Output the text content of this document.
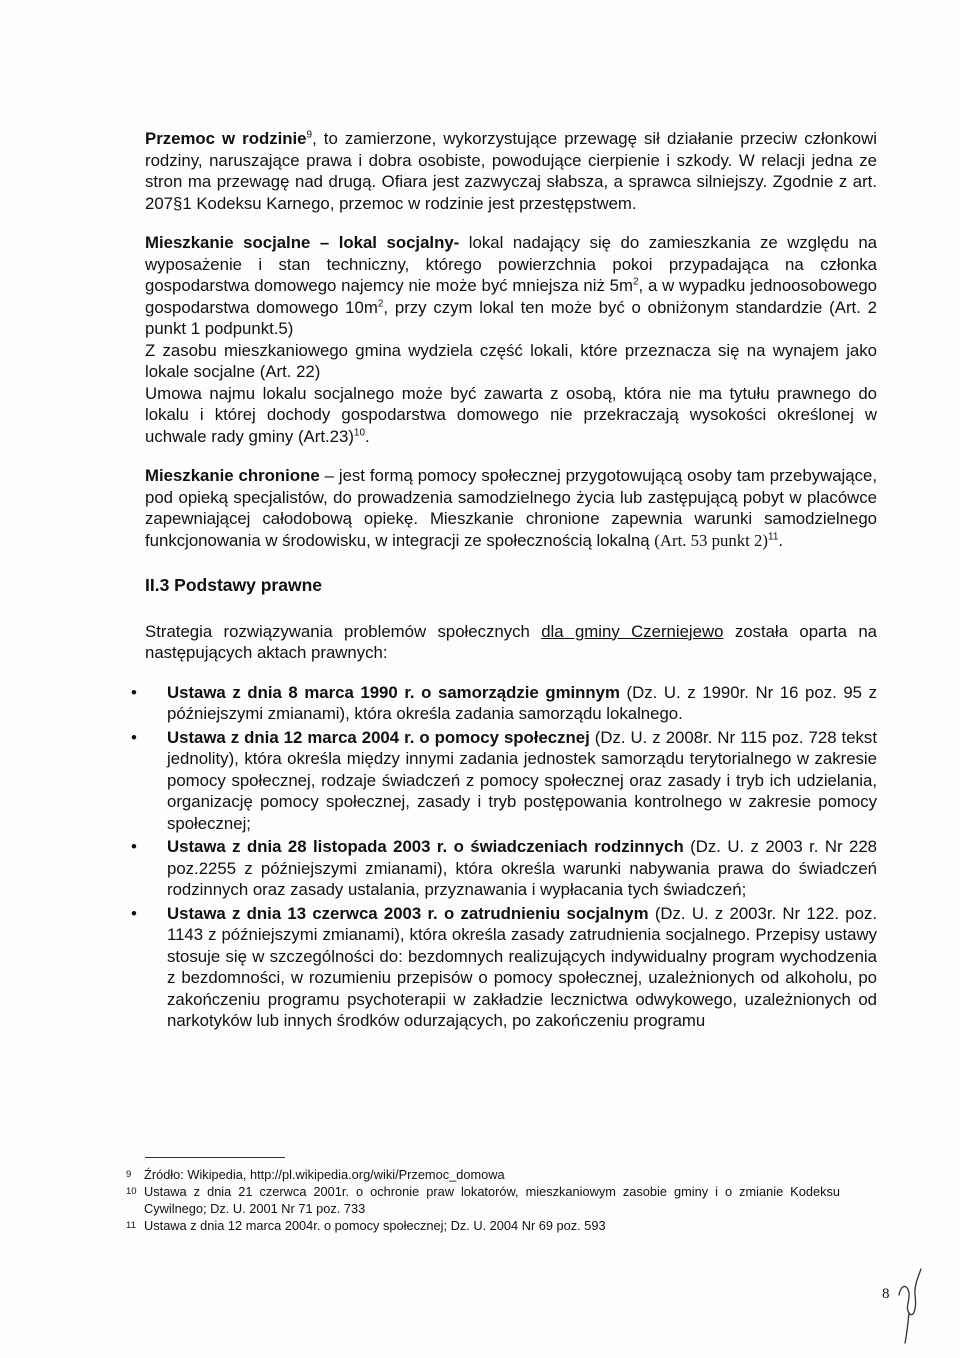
Przemoc w rodzinie$^9$, to zamierzone, wykorzystujące przewagę sił działanie przeciw członkowi rodziny, naruszające prawa i dobra osobiste, powodujące cierpienie i szkody. W relacji jedna ze stron ma przewagę nad drugą. Ofiara jest zazwyczaj słabsza, a sprawca silniejszy. Zgodnie z art. 207§1 Kodeksu Karnego, przemoc w rodzinie jest przestępstwem.

Mieszkanie socjalne – lokal socjalny- lokal nadający się do zamieszkania ze względu na wyposażenie i stan techniczny, którego powierzchnia pokoi przypadająca na członka gospodarstwa domowego najemcy nie może być mniejsza niż $5m^2$, a w wypadku jednoosobowego gospodarstwa domowego $10m^2$, przy czym lokal ten może być o obniżonym standardzie (Art. 2 punkt 1 podpunkt.5)

Z zasobu mieszkaniowego gmina wydziela część lokali, które przeznacza się na wynajem jako lokale socjalne (Art. 22)

Umowa najmu lokalu socjalnego może być zawarta z osobą, która nie ma tytułu prawnego do lokalu i której dochody gospodarstwa domowego nie przekraczają wysokości określonej w uchwale rady gminy $(Art.23)^{10}$.

Mieszkanie chronione – jest formą pomocy społecznej przygotowującą osoby tam przebywające, pod opieką specjalistów, do prowadzenia samodzielnego życia lub zastępującą pobyt w placówce zapewniającej całodobową opiekę. Mieszkanie chronione zapewnia warunki samodzielnego funkcjonowania w środowisku, w integracji ze społecznością lokalną (Art. 53 punkt 2)$^{11}$.

II.3 Podstawy prawne

Strategia rozwiązywania problemów społecznych dla gminy Czerniejewo została oparta na następujących aktach prawnych:

• Ustawa z dnia 8 marca 1990 r. o samorządzie gminnym (Dz. U. z 1990r. Nr 16 poz. 95 z późniejszymi zmianami), która określa zadania samorządu lokalnego.
• Ustawa z dnia 12 marca 2004 r. o pomocy społecznej (Dz. U. z 2008r. Nr 115 poz. 728 tekst jednolity), która określa między innymi zadania jednostek samorządu terytorialnego w zakresie pomocy społecznej, rodzaje świadczeń z pomocy społecznej oraz zasady i tryb ich udzielania, organizację pomocy społecznej, zasady i tryb postępowania kontrolnego w zakresie pomocy społecznej;
• Ustawa z dnia 28 listopada 2003 r. o świadczeniach rodzinnych (Dz. U. z 2003 r. Nr 228 poz.2255 z późniejszymi zmianami), która określa warunki nabywania prawa do świadczeń rodzinnych oraz zasady ustalania, przyznawania i wypłacania tych świadczeń;
• Ustawa z dnia 13 czerwca 2003 r. o zatrudnieniu socjalnym (Dz. U. z 2003r. Nr 122. poz. 1143 z późniejszymi zmianami), która określa zasady zatrudnienia socjalnego. Przepisy ustawy stosuje się w szczególności do: bezdomnych realizujących indywidualny program wychodzenia z bezdomności, w rozumieniu przepisów o pomocy społecznej, uzależnionych od alkoholu, po zakończeniu programu psychoterapii w zakładzie lecznictwa odwykowego, uzależnionych od narkotyków lub innych środków odurzających, po zakończeniu programu

9 Źródło: Wikipedia, http://pl.wikipedia.org/wiki/Przemoc_domowa

10 Ustawa z dnia 21 czerwca 2001r. o ochronie praw lokatorów, mieszkaniowym zasobie gminy i o zmianie Kodeksu Cywilnego; Dz. U. 2001 Nr 71 poz. 733

11 Ustawa z dnia 12 marca 2004r. o pomocy społecznej; Dz. U. 2004 Nr 69 poz. 593

8
